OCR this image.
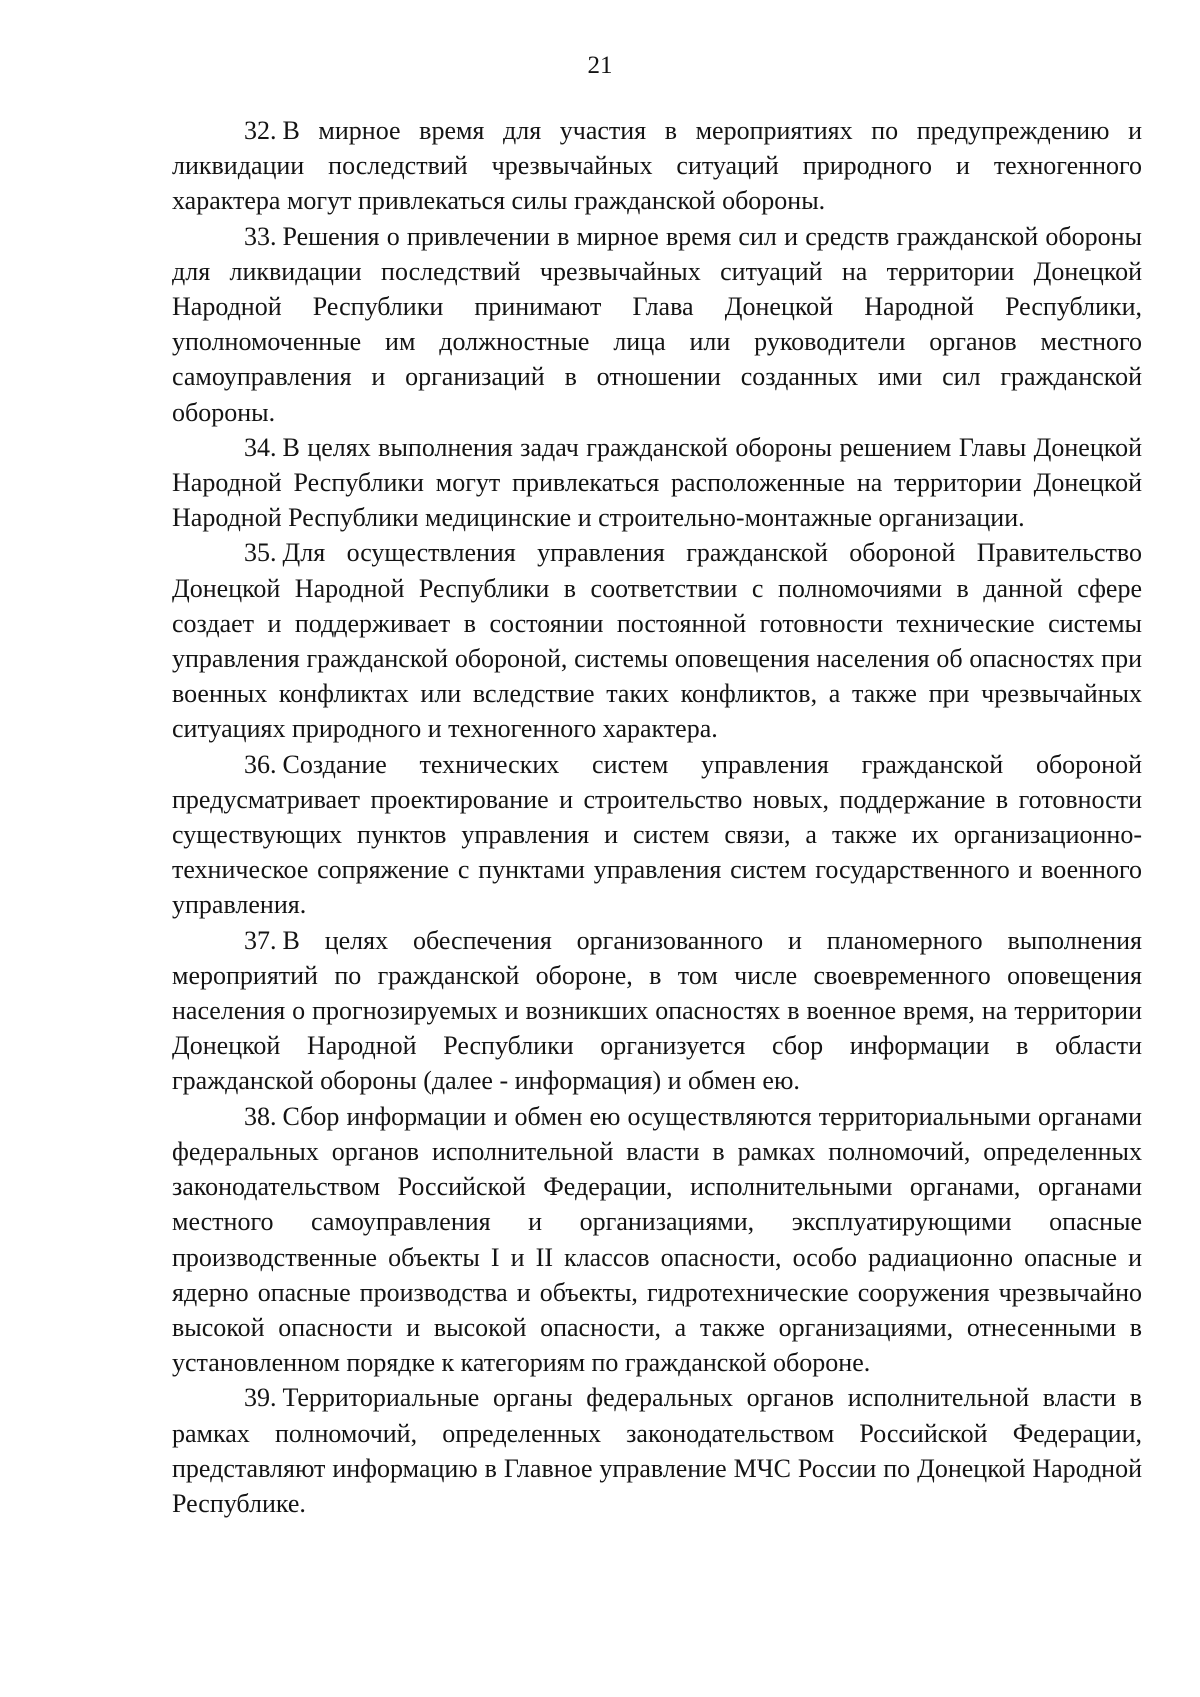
21

32. В мирное время для участия в мероприятиях по предупреждению и ликвидации последствий чрезвычайных ситуаций природного и техногенного характера могут привлекаться силы гражданской обороны.

33. Решения о привлечении в мирное время сил и средств гражданской обороны для ликвидации последствий чрезвычайных ситуаций на территории Донецкой Народной Республики принимают Глава Донецкой Народной Республики, уполномоченные им должностные лица или руководители органов местного самоуправления и организаций в отношении созданных ими сил гражданской обороны.

34. В целях выполнения задач гражданской обороны решением Главы Донецкой Народной Республики могут привлекаться расположенные на территории Донецкой Народной Республики медицинские и строительно-монтажные организации.

35. Для осуществления управления гражданской обороной Правительство Донецкой Народной Республики в соответствии с полномочиями в данной сфере создает и поддерживает в состоянии постоянной готовности технические системы управления гражданской обороной, системы оповещения населения об опасностях при военных конфликтах или вследствие таких конфликтов, а также при чрезвычайных ситуациях природного и техногенного характера.

36. Создание технических систем управления гражданской обороной предусматривает проектирование и строительство новых, поддержание в готовности существующих пунктов управления и систем связи, а также их организационно-техническое сопряжение с пунктами управления систем государственного и военного управления.

37. В целях обеспечения организованного и планомерного выполнения мероприятий по гражданской обороне, в том числе своевременного оповещения населения о прогнозируемых и возникших опасностях в военное время, на территории Донецкой Народной Республики организуется сбор информации в области гражданской обороны (далее - информация) и обмен ею.

38. Сбор информации и обмен ею осуществляются территориальными органами федеральных органов исполнительной власти в рамках полномочий, определенных законодательством Российской Федерации, исполнительными органами, органами местного самоуправления и организациями, эксплуатирующими опасные производственные объекты I и II классов опасности, особо радиационно опасные и ядерно опасные производства и объекты, гидротехнические сооружения чрезвычайно высокой опасности и высокой опасности, а также организациями, отнесенными в установленном порядке к категориям по гражданской обороне.

39. Территориальные органы федеральных органов исполнительной власти в рамках полномочий, определенных законодательством Российской Федерации, представляют информацию в Главное управление МЧС России по Донецкой Народной Республике.
